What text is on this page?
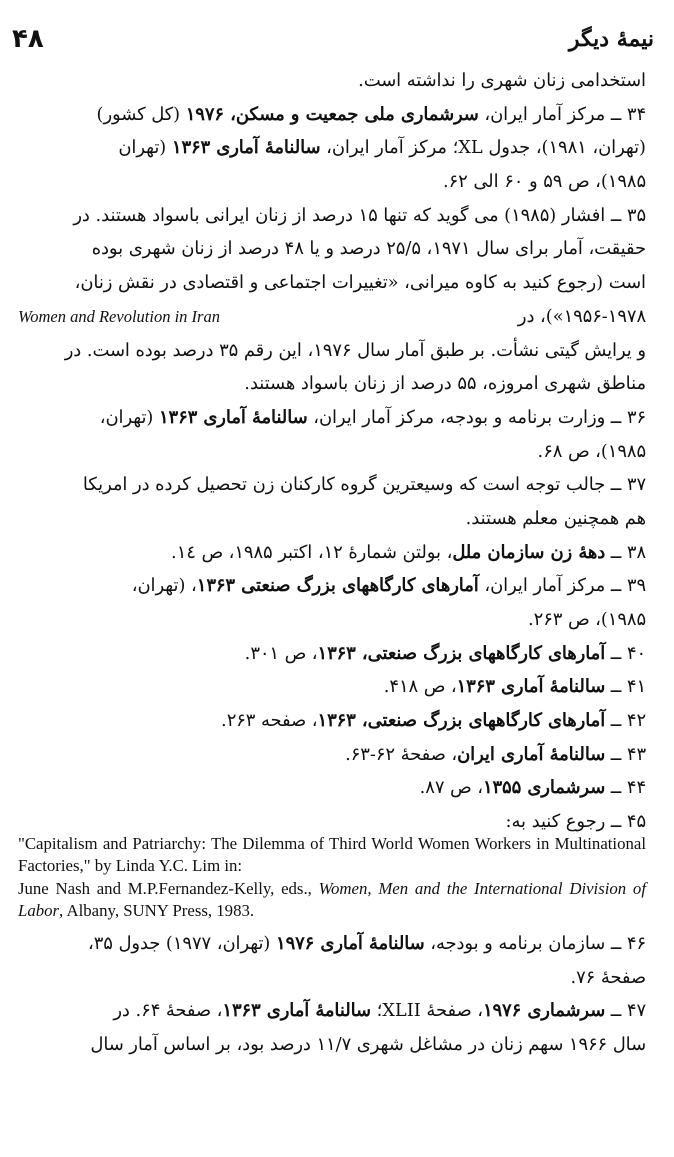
۴۸	نیمهٔ دیگر
استخدامی زنان شهری را نداشته است.
۳۴ ــ مرکز آمار ایران، سرشماری ملی جمعیت و مسکن، ۱۹۷۶ (کل کشور)
(تهران، ۱۹۸۱)، جدول XL؛ مرکز آمار ایران، سالنامهٔ آماری ۱۳۶۳ (تهران
۱۹۸۵)، ص ۵۹ و ۶۰ الی ۶۲.
۳۵ ــ افشار (۱۹۸۵) می گوید که تنها ۱۵ درصد از زنان ایرانی باسواد هستند. در
حقیقت، آمار برای سال ۱۹۷۱، ۲۵/۵ درصد و یا ۴۸ درصد از زنان شهری بوده
است (رجوع کنید به کاوه میرانی، «تغییرات اجتماعی و اقتصادی در نقش زنان،
۱۹۵۶-۱۹۷۸»)، در
Women and Revolution in Iran
و یرایش گیتی نشأت. بر طبق آمار سال ۱۹۷۶، این رقم ۳۵ درصد بوده است. در
مناطق شهری امروزه، ۵۵ درصد از زنان باسواد هستند.
۳۶ ــ وزارت برنامه و بودجه، مرکز آمار ایران، سالنامهٔ آماری ۱۳۶۳ (تهران،
۱۹۸۵)، ص ۶۸.
۳۷ ــ جالب توجه است که وسیعترین گروه کارکنان زن تحصیل کرده در امریکا
هم همچنین معلم هستند.
۳۸ ــ دههٔ زن سازمان ملل، بولتن شمارهٔ ۱۲، اکتبر ۱۹۸۵، ص ۱٤.
۳۹ ــ مرکز آمار ایران، آمارهای کارگاههای بزرگ صنعتی ۱۳۶۳، (تهران،
۱۹۸۵)، ص ۲۶۳.
۴۰ ــ آمارهای کارگاههای بزرگ صنعتی، ۱۳۶۳، ص ۳۰۱.
۴۱ ــ سالنامهٔ آماری ۱۳۶۳، ص ۴۱۸.
۴۲ ــ آمارهای کارگاههای بزرگ صنعتی، ۱۳۶۳، صفحه ۲۶۳.
۴۳ ــ سالنامهٔ آماری ایران، صفحهٔ ۶۲-۶۳.
۴۴ ــ سرشماری ۱۳۵۵، ص ۸۷.
۴۵ ــ رجوع کنید به:
"Capitalism and Patriarchy: The Dilemma of Third World Women Workers in Multinational Factories," by Linda Y.C. Lim in:
June Nash and M.P.Fernandez-Kelly, eds., Women, Men and the International Division of Labor, Albany, SUNY Press, 1983.
۴۶ ــ سازمان برنامه و بودجه، سالنامهٔ آماری ۱۹۷۶ (تهران، ۱۹۷۷) جدول ۳۵،
صفحهٔ ۷۶.
۴۷ ــ سرشماری ۱۹۷۶، صفحهٔ XLII؛ سالنامهٔ آماری ۱۳۶۳، صفحهٔ ۶۴. در
سال ۱۹۶۶ سهم زنان در مشاغل شهری ۱۱/۷ درصد بود، بر اساس آمار سال
